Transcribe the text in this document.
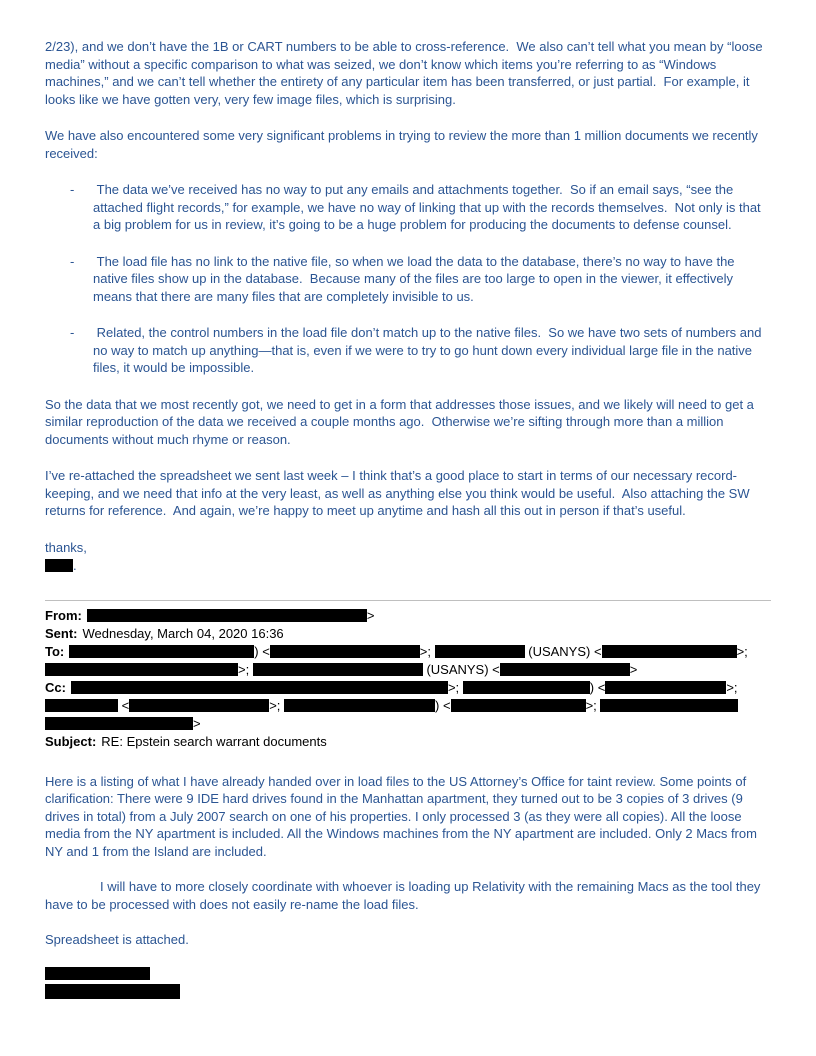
2/23), and we don’t have the 1B or CART numbers to be able to cross-reference.  We also can’t tell what you mean by “loose media” without a specific comparison to what was seized, we don’t know which items you’re referring to as “Windows machines,” and we can’t tell whether the entirety of any particular item has been transferred, or just partial.  For example, it looks like we have gotten very, very few image files, which is surprising.

We have also encountered some very significant problems in trying to review the more than 1 million documents we recently received:

-	The data we’ve received has no way to put any emails and attachments together.  So if an email says, “see the attached flight records,” for example, we have no way of linking that up with the records themselves.  Not only is that a big problem for us in review, it’s going to be a huge problem for producing the documents to defense counsel.
-	The load file has no link to the native file, so when we load the data to the database, there’s no way to have the native files show up in the database.  Because many of the files are too large to open in the viewer, it effectively means that there are many files that are completely invisible to us.
-	Related, the control numbers in the load file don’t match up to the native files.  So we have two sets of numbers and no way to match up anything—that is, even if we were to try to go hunt down every individual large file in the native files, it would be impossible.

So the data that we most recently got, we need to get in a form that addresses those issues, and we likely will need to get a similar reproduction of the data we received a couple months ago.  Otherwise we’re sifting through more than a million documents without much rhyme or reason.

I’ve re-attached the spreadsheet we sent last week – I think that’s a good place to start in terms of our necessary record-keeping, and we need that info at the very least, as well as anything else you think would be useful.  Also attaching the SW returns for reference.  And again, we’re happy to meet up anytime and hash all this out in person if that’s useful.

thanks,
.
From:	>
Sent: Wednesday, March 04, 2020 16:36
To:	) <	>;	(USANYS) <	>;
>;	(USANYS) <	>
Cc:	>;	) <	>;
<	>;	) <	>;
>
Subject: RE: Epstein search warrant documents

Here is a listing of what I have already handed over in load files to the US Attorney’s Office for taint review. Some points of clarification: There were 9 IDE hard drives found in the Manhattan apartment, they turned out to be 3 copies of 3 drives (9 drives in total) from a July 2007 search on one of his properties. I only processed 3 (as they were all copies). All the loose media from the NY apartment is included. All the Windows machines from the NY apartment are included. Only 2 Macs from NY and 1 from the Island are included.

I will have to more closely coordinate with whoever is loading up Relativity with the remaining Macs as the tool they have to be processed with does not easily re-name the load files.

Spreadsheet is attached.
